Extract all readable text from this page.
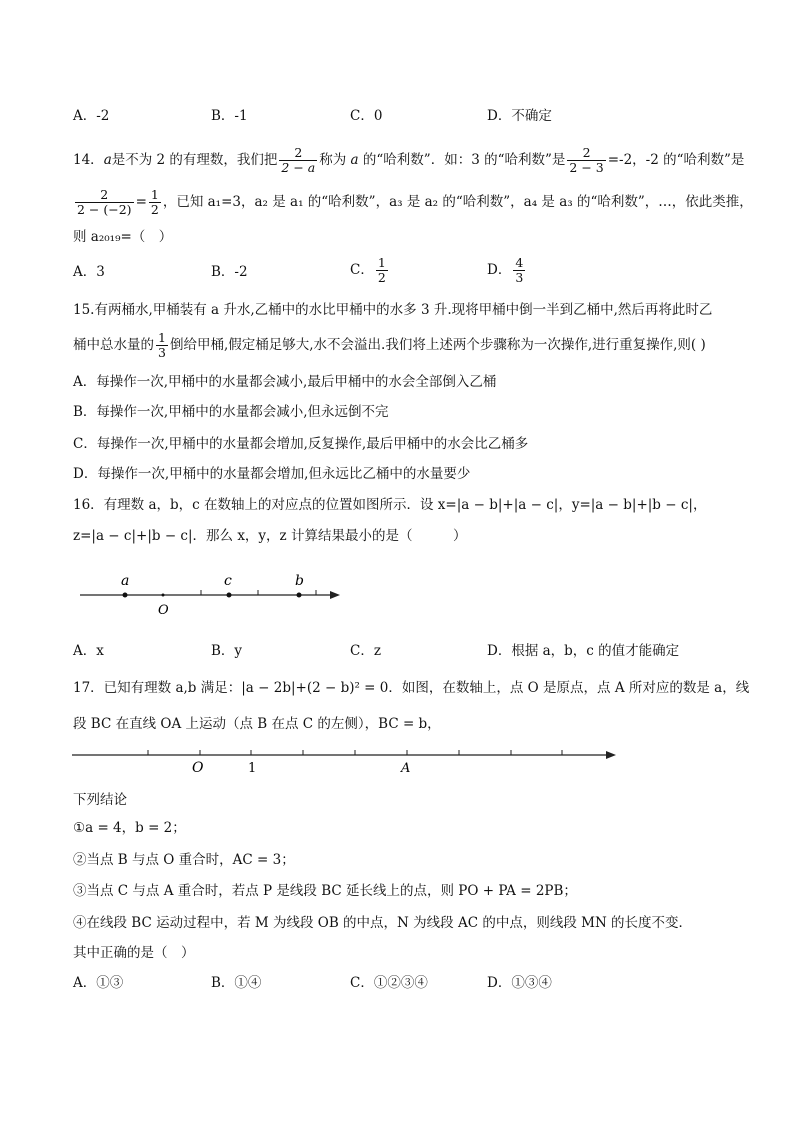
A．-2	B．-1	C．0	D．不确定
14．a是不为 2 的有理数，我们把 $\frac{2}{2 - a}$ 称为 a 的“哈利数”．如：3 的“哈利数”是 $\frac{2}{2 - 3} =-2$，-2 的“哈利数”是
$\frac{2}{2 - (-2)} = \frac{1}{2}$ ，已知 a₁=3，a₂ 是 a₁ 的“哈利数”，a₃ 是 a₂ 的“哈利数”，a₄ 是 a₃ 的“哈利数”，…，依此类推，
则 a₂₀₁₉=（　）
A．3	B．-2	C． $\frac{1}{2}$	D． $\frac{4}{3}$
15.有两桶水,甲桶装有 a 升水,乙桶中的水比甲桶中的水多 3 升.现将甲桶中倒一半到乙桶中,然后再将此时乙
桶中总水量的 $\frac{1}{3}$ 倒给甲桶,假定桶足够大,水不会溢出.我们将上述两个步骤称为一次操作,进行重复操作,则( )
A．每操作一次,甲桶中的水量都会减小,最后甲桶中的水会全部倒入乙桶
B．每操作一次,甲桶中的水量都会减小,但永远倒不完
C．每操作一次,甲桶中的水量都会增加,反复操作,最后甲桶中的水会比乙桶多
D．每操作一次,甲桶中的水量都会增加,但永远比乙桶中的水量要少
16．有理数 a，b，c 在数轴上的对应点的位置如图所示．设 x=|a − b|+|a − c|，y=|a − b|+|b − c|，
z=|a − c|+|b − c|．那么 x，y，z 计算结果最小的是（　　　）
a	c	b
O
A．x	B．y	C．z	D．根据 a，b，c 的值才能确定
17．已知有理数 a,b 满足：|a − 2b|+(2 − b)² = 0．如图，在数轴上，点 O 是原点，点 A 所对应的数是 a，线
段 BC 在直线 OA 上运动（点 B 在点 C 的左侧），BC = b，
O	1	A
下列结论
①a = 4，b = 2；
②当点 B 与点 O 重合时，AC = 3；
③当点 C 与点 A 重合时，若点 P 是线段 BC 延长线上的点，则 PO + PA = 2PB；
④在线段 BC 运动过程中，若 M 为线段 OB 的中点，N 为线段 AC 的中点，则线段 MN 的长度不变．
其中正确的是（　）
A．①③	B．①④	C．①②③④	D．①③④
